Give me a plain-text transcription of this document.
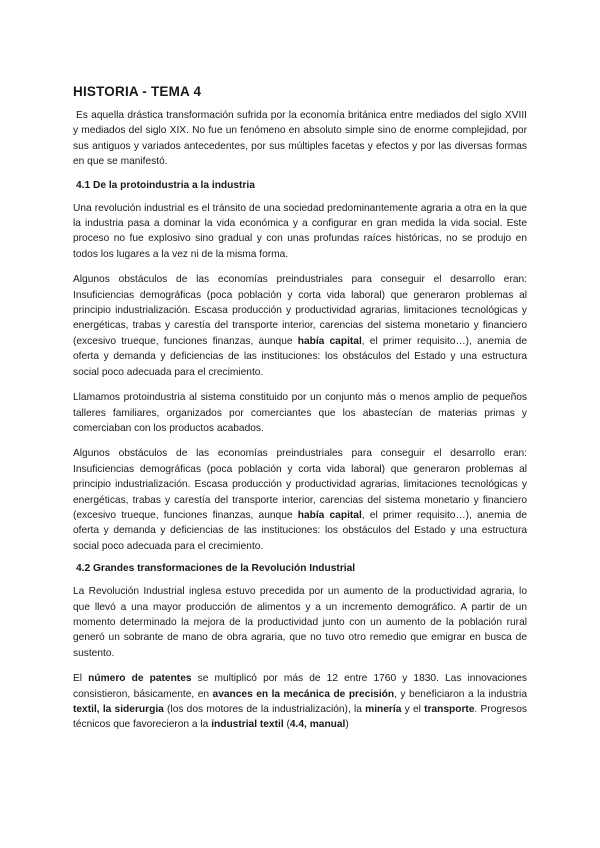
HISTORIA - TEMA 4

Es aquella drástica transformación sufrida por la economía británica entre mediados del siglo XVIII y mediados del siglo XIX. No fue un fenómeno en absoluto simple sino de enorme complejidad, por sus antiguos y variados antecedentes, por sus múltiples facetas y efectos y por las diversas formas en que se manifestó.

4.1 De la protoindustria a la industria

Una revolución industrial es el tránsito de una sociedad predominantemente agraria a otra en la que la industria pasa a dominar la vida económica y a configurar en gran medida la vida social. Este proceso no fue explosivo sino gradual y con unas profundas raíces históricas, no se produjo en todos los lugares a la vez ni de la misma forma.

Algunos obstáculos de las economías preindustriales para conseguir el desarrollo eran: Insuficiencias demográficas (poca población y corta vida laboral) que generaron problemas al principio industrialización. Escasa producción y productividad agrarias, limitaciones tecnológicas y energéticas, trabas y carestía del transporte interior, carencias del sistema monetario y financiero (excesivo trueque, funciones finanzas, aunque había capital, el primer requisito…), anemia de oferta y demanda y deficiencias de las instituciones: los obstáculos del Estado y una estructura social poco adecuada para el crecimiento.

Llamamos protoindustria al sistema constituido por un conjunto más o menos amplio de pequeños talleres familiares, organizados por comerciantes que los abastecían de materias primas y comerciaban con los productos acabados.

Algunos obstáculos de las economías preindustriales para conseguir el desarrollo eran: Insuficiencias demográficas (poca población y corta vida laboral) que generaron problemas al principio industrialización. Escasa producción y productividad agrarias, limitaciones tecnológicas y energéticas, trabas y carestía del transporte interior, carencias del sistema monetario y financiero (excesivo trueque, funciones finanzas, aunque había capital, el primer requisito…), anemia de oferta y demanda y deficiencias de las instituciones: los obstáculos del Estado y una estructura social poco adecuada para el crecimiento.

4.2 Grandes transformaciones de la Revolución Industrial

La Revolución Industrial inglesa estuvo precedida por un aumento de la productividad agraria, lo que llevó a una mayor producción de alimentos y a un incremento demográfico. A partir de un momento determinado la mejora de la productividad junto con un aumento de la población rural generó un sobrante de mano de obra agraria, que no tuvo otro remedio que emigrar en busca de sustento.

El número de patentes se multiplicó por más de 12 entre 1760 y 1830. Las innovaciones consistieron, básicamente, en avances en la mecánica de precisión, y beneficiaron a la industria textil, la siderurgia (los dos motores de la industrialización), la minería y el transporte. Progresos técnicos que favorecieron a la industrial textil (4.4, manual)
